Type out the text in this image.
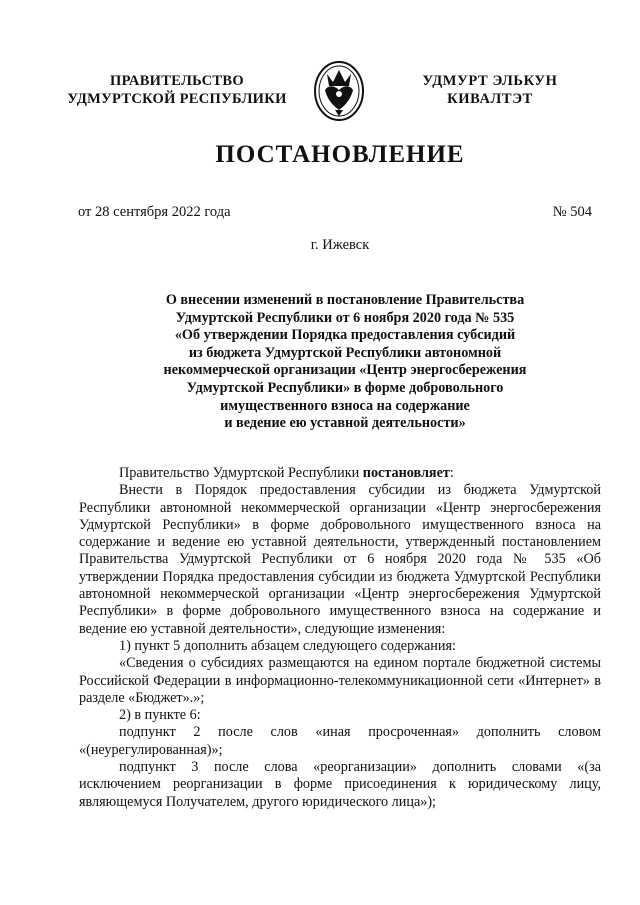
ПРАВИТЕЛЬСТВО
УДМУРТСКОЙ РЕСПУБЛИКИ
УДМУРТ ЭЛЬКУН
КИВАЛТЭТ
ПОСТАНОВЛЕНИЕ
от 28 сентября 2022 года	№ 504
г. Ижевск
О внесении изменений в постановление Правительства
Удмуртской Республики от 6 ноября 2020 года № 535
«Об утверждении Порядка предоставления субсидий
из бюджета Удмуртской Республики автономной
некоммерческой организации «Центр энергосбережения
Удмуртской Республики» в форме добровольного
имущественного взноса на содержание
и ведение ею уставной деятельности»

Правительство Удмуртской Республики постановляет:

Внести в Порядок предоставления субсидии из бюджета Удмуртской Республики автономной некоммерческой организации «Центр энергосбережения Удмуртской Республики» в форме добровольного имущественного взноса на содержание и ведение ею уставной деятельности, утвержденный постановлением Правительства Удмуртской Республики от 6 ноября 2020 года № 535 «Об утверждении Порядка предоставления субсидии из бюджета Удмуртской Республики автономной некоммерческой организации «Центр энергосбережения Удмуртской Республики» в форме добровольного имущественного взноса на содержание и ведение ею уставной деятельности», следующие изменения:

1) пункт 5 дополнить абзацем следующего содержания:

«Сведения о субсидиях размещаются на едином портале бюджетной системы Российской Федерации в информационно-телекоммуникационной сети «Интернет» в разделе «Бюджет».»;

2) в пункте 6:

подпункт 2 после слов «иная просроченная» дополнить словом «(неурегулированная)»;

подпункт 3 после слова «реорганизации» дополнить словами «(за исключением реорганизации в форме присоединения к юридическому лицу, являющемуся Получателем, другого юридического лица»);
